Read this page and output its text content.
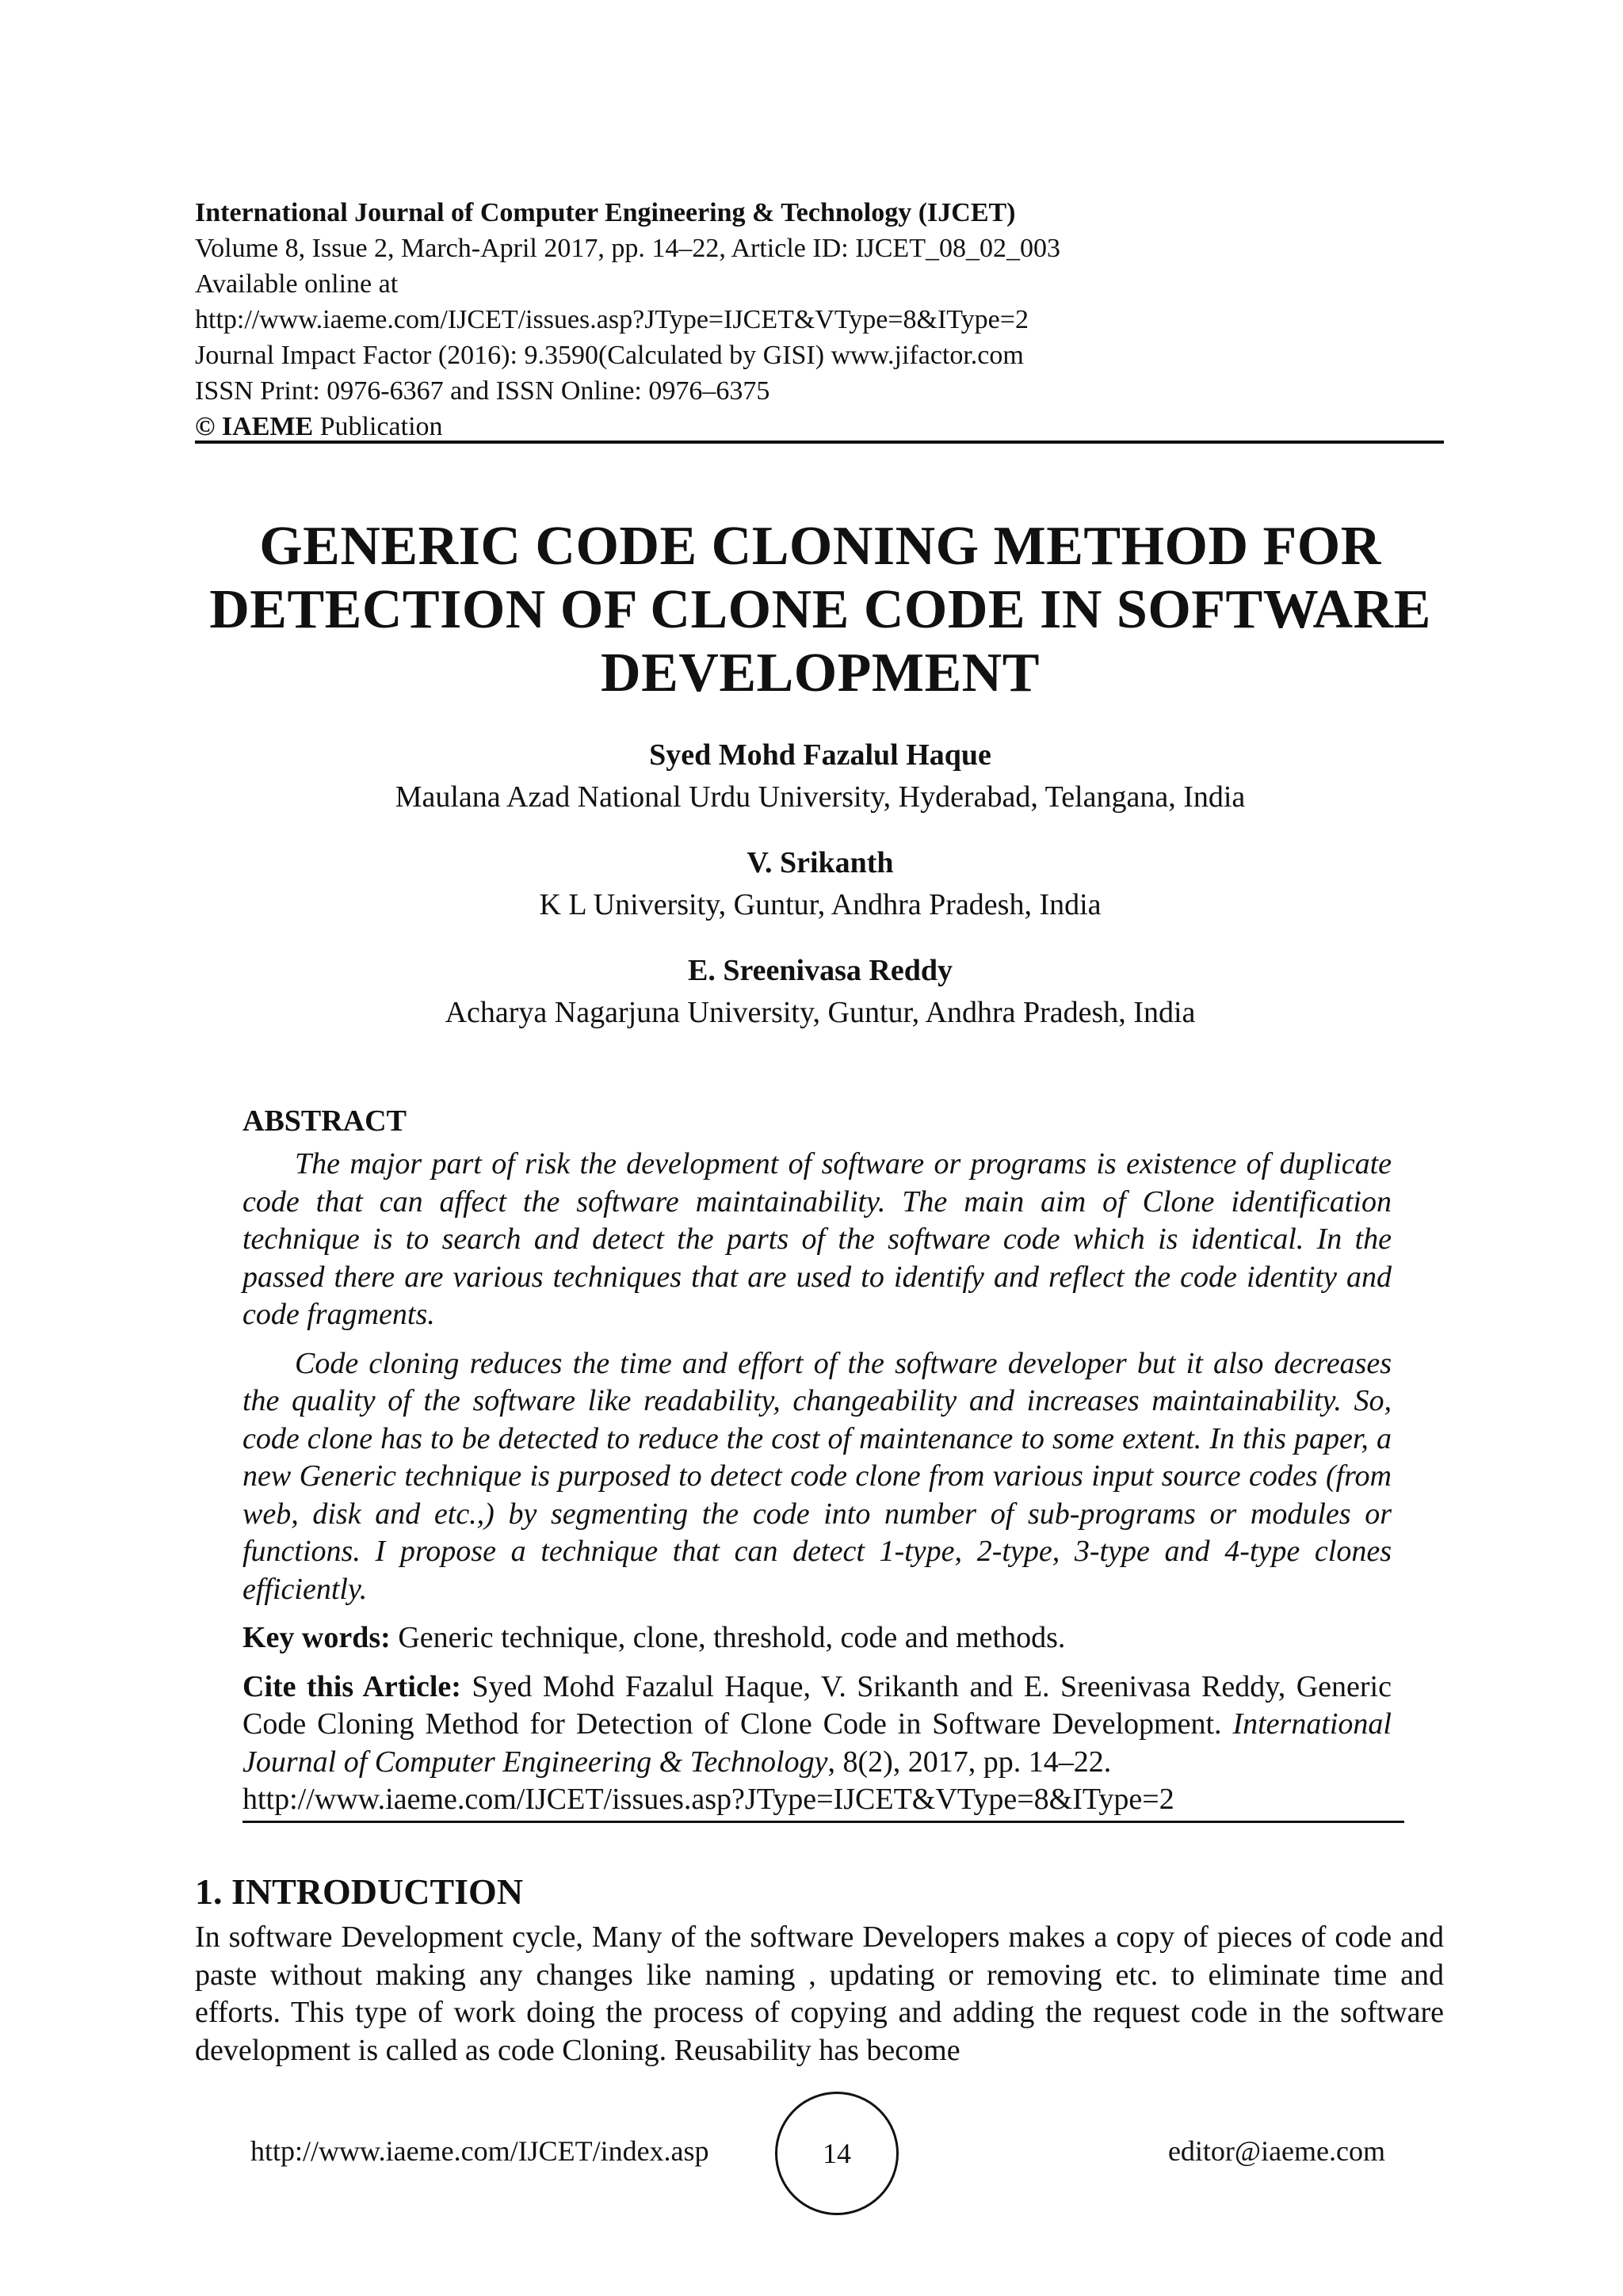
International Journal of Computer Engineering & Technology (IJCET)
Volume 8, Issue 2, March-April 2017, pp. 14–22, Article ID: IJCET_08_02_003
Available online at
http://www.iaeme.com/IJCET/issues.asp?JType=IJCET&VType=8&IType=2
Journal Impact Factor (2016): 9.3590(Calculated by GISI) www.jifactor.com
ISSN Print: 0976-6367 and ISSN Online: 0976–6375
© IAEME Publication
GENERIC CODE CLONING METHOD FOR
DETECTION OF CLONE CODE IN SOFTWARE
DEVELOPMENT
Syed Mohd Fazalul Haque
Maulana Azad National Urdu University, Hyderabad, Telangana, India
V. Srikanth
K L University, Guntur, Andhra Pradesh, India
E. Sreenivasa Reddy
Acharya Nagarjuna University, Guntur, Andhra Pradesh, India
ABSTRACT

The major part of risk the development of software or programs is existence of duplicate code that can affect the software maintainability. The main aim of Clone identification technique is to search and detect the parts of the software code which is identical. In the passed there are various techniques that are used to identify and reflect the code identity and code fragments.

Code cloning reduces the time and effort of the software developer but it also decreases the quality of the software like readability, changeability and increases maintainability. So, code clone has to be detected to reduce the cost of maintenance to some extent. In this paper, a new Generic technique is purposed to detect code clone from various input source codes (from web, disk and etc.,) by segmenting the code into number of sub-programs or modules or functions. I propose a technique that can detect 1-type, 2-type, 3-type and 4-type clones efficiently.

Key words: Generic technique, clone, threshold, code and methods.

Cite this Article: Syed Mohd Fazalul Haque, V. Srikanth and E. Sreenivasa Reddy, Generic Code Cloning Method for Detection of Clone Code in Software Development. International Journal of Computer Engineering & Technology, 8(2), 2017, pp. 14–22.
http://www.iaeme.com/IJCET/issues.asp?JType=IJCET&VType=8&IType=2

1. INTRODUCTION
In software Development cycle, Many of the software Developers makes a copy of pieces of code and paste without making any changes like naming , updating or removing etc. to eliminate time and efforts. This type of work doing the process of copying and adding the request code in the software development is called as code Cloning. Reusability has become
http://www.iaeme.com/IJCET/index.asp	14	editor@iaeme.com
